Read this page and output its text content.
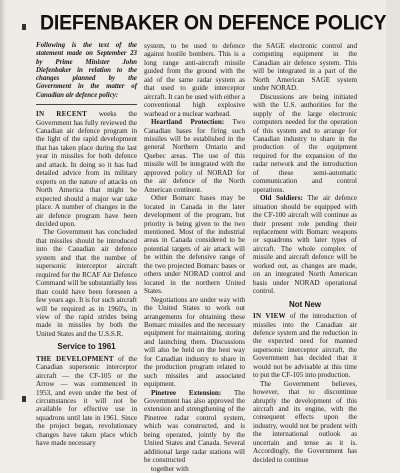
DIEFENBAKER ON DEFENCE POLICY

Following is the text of the statement made on September 23 by Prime Minister John Diefenbaker in relation to the changes planned by the Government in the matter of Canadian air defence policy:

IN RECENT weeks the Government has fully reviewed the Canadian air defence program in the light of the rapid development that has taken place during the last year in missiles for both defence and attack. In doing so it has had detailed advice from its military experts on the nature of attacks on North America that might be expected should a major war take place. A number of changes in the air defence program have been decided upon.

The Government has concluded that missiles should be introduced into the Canadian air defence system and that the number of supersonic interceptor aircraft required for the RCAF Air Defence Command will be substantially less than could have been foreseen a few years ago. It is for such aircraft will be required as in 1960's, in view of the rapid strides being made in missiles by both the United States and the U.S.S.R.

Service to 1961

THE DEVELOPMENT of the Canadian supersonic interceptor aircraft — the CF-105 or the Arrow — was commenced in 1953, and even under the best of circumstances it will not be available for effective use in squadrons until late in 1961. Since the project began, revolutionary changes have taken place which have made necessary

system, to be used to defence against hostile bombers. This is a long range anti-aircraft missile guided from the ground with the aid of the same radar system as that used to guide interceptor aircraft. It can be used with either a conventional high explosive warhead or a nuclear warhead.

Heartland Protection: Two Canadian bases for firing such missiles will be established in the general Northern Ontario and Quebec areas. The use of this missile will be integrated with the approved policy of NORAD for the air defence of the North American continent.

Other Bomarc bases may be located in Canada in the later development of the program, but priority is being given to the two mentioned. Most of the industrial areas in Canada considered to be potential targets of air attack will be within the defensive range of the two projected Bomarc bases or others under NORAD control and located in the northern United States.

Negotiations are under way with the United States to work out arrangements for obtaining these Bomarc missiles and the necessary equipment for maintaining, storing and launching them. Discussions will also be held on the best way for Canadian industry to share in the production program related to such missiles and associated equipment.

Pinetree Extension: The Government has also approved the extension and strengthening of the Pinetree radar control system, which was constructed, and is being operated, jointly by the United States and Canada. Several additional large radar stations will be constructed

together with

the SAGE electronic control and computing equipment in the Canadian air defence system. This will be integrated in a part of the North American SAGE system under NORAD.

Discussions are being initiated with the U.S. authorities for the supply of the large electronic computers needed for the operation of this system and to arrange for Canadian industry to share in the production of the equipment required for the expansion of the radar network and the introduction of these semi-automatic communication and control operations.

Old Soldiers: The air defence situation should be equipped with the CF-100 aircraft will continue as their present role pending their replacement with Bomarc weapons or squadrons with later types of aircraft. The whole complex of missile and aircraft defence will be worked out, as changes are made, on an integrated North American basis under NORAD operational control.

Not New

IN VIEW of the introduction of missiles into the Canadian air defence system and the reduction in the expected need for manned supersonic interceptor aircraft, the Government has decided that it would not be advisable at this time to put the CF-105 into production.

The Government believes, however, that to discontinue abruptly the development of this aircraft and its engine, with the consequent effects upon the industry, would not be prudent with the international outlook as uncertain and tense as it is. Accordingly, the Government has decided to continue
